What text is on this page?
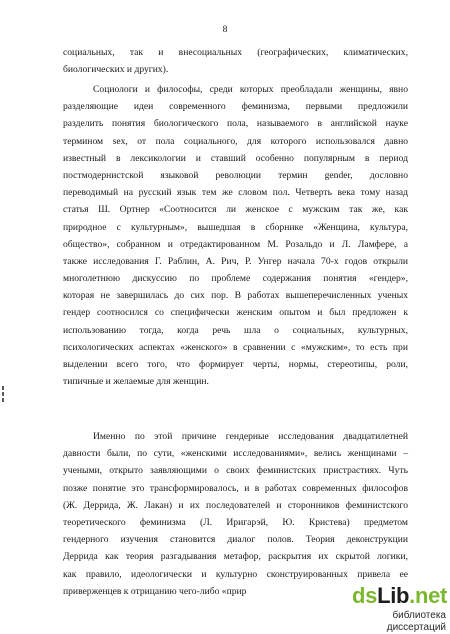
8
социальных, так и внесоциальных (географических, климатических,
биологических и других).
Социологи и философы, среди которых преобладали женщины, явно
разделяющие идеи современного феминизма, первыми предложили
разделить понятия биологического пола, называемого в английской науке
термином sex, от пола социального, для которого использовался давно
известный в лексикологии и ставший особенно популярным в период
постмодернистской языковой революции термин gender, дословно
переводимый на русский язык тем же словом пол. Четверть века тому назад
статья Ш. Ортнер «Соотносится ли женское с мужским так же, как
природное с культурным», вышедшая в сборнике «Женщина, культура,
общество», собранном и отредактированном М. Розальдо и Л. Ламфере, а
также исследования Г. Раблин, А. Рич, Р. Унгер начала 70-х годов открыли
многолетнюю дискуссию по проблеме содержания понятия «гендер»,
которая не завершилась до сих пор. В работах вышеперечисленных ученых
гендер соотносился со специфически женским опытом и был предложен к
использованию тогда, когда речь шла о социальных, культурных,
психологических аспектах «женского» в сравнении с «мужским», то есть при
выделении всего того, что формирует черты, нормы, стереотипы, роли,
типичные и желаемые для женщин.
Именно по этой причине гендерные исследования двадцатилетней
давности были, по сути, «женскими исследованиями», велись женщинами –
учеными, открыто заявляющими о своих феминистских пристрастиях. Чуть
позже понятие это трансформировалось, и в работах современных философов
(Ж. Деррида, Ж. Лакан) и их последователей и сторонников феминистского
теоретического феминизма (Л. Иригарэй, Ю. Кристева) предметом
гендерного изучения становится диалог полов. Теория деконструкции
Деррида как теория разгадывания метафор, раскрытия их скрытой логики,
как правило, идеологически и культурно сконструированных привела ее
приверженцев к отрицанию чего-либо «прир	dsLib.net
библиотека диссертаций
